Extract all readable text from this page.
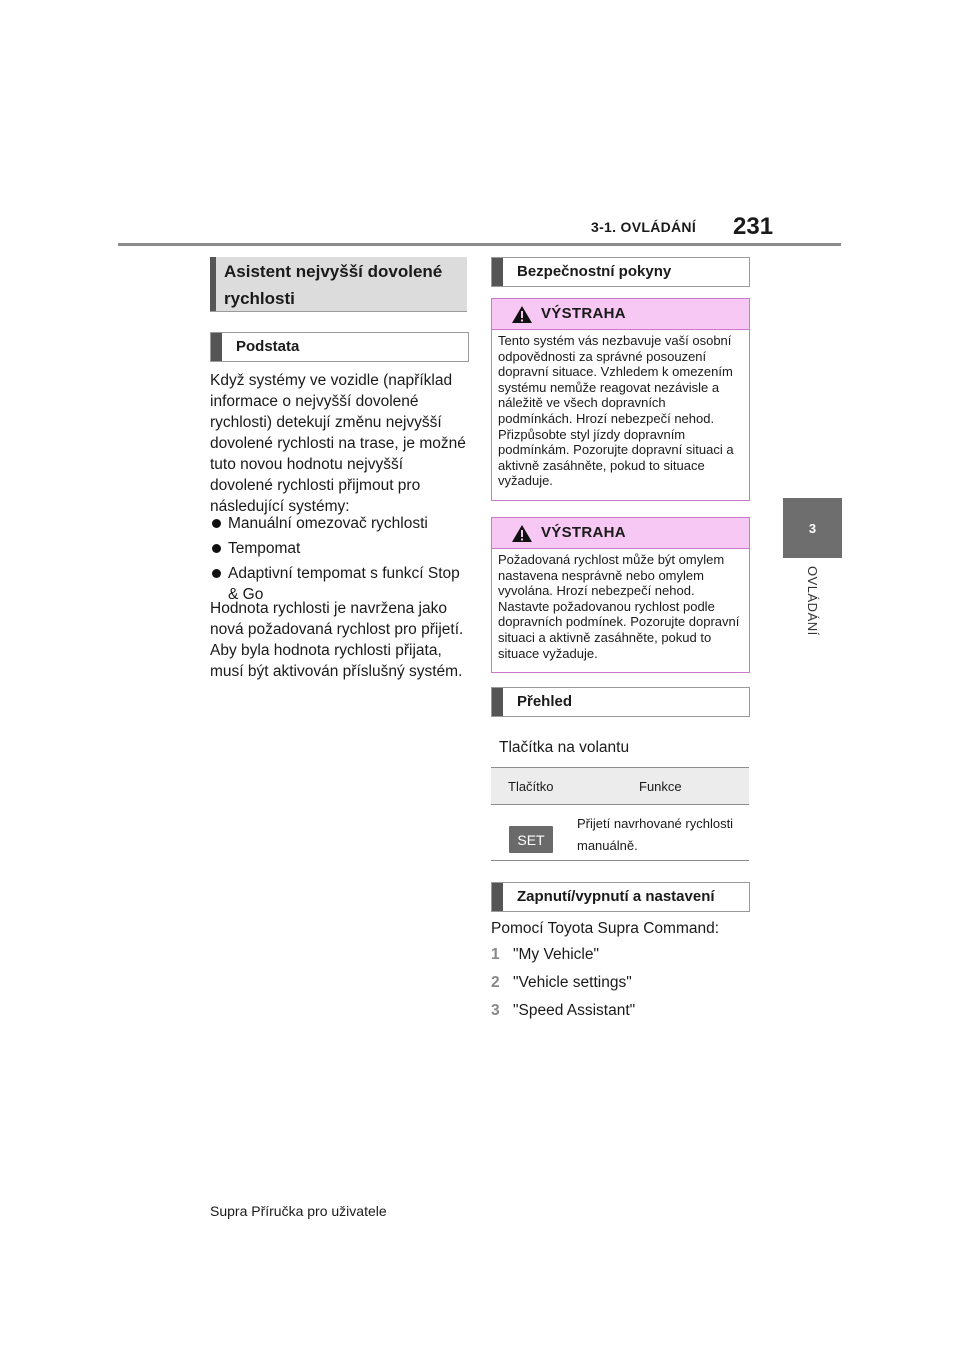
3-1. OVLÁDÁNÍ 231
3
OVLÁDÁNÍ
Asistent nejvyšší dovolené rychlosti
Podstata
Když systémy ve vozidle (například informace o nejvyšší dovolené rychlosti) detekují změnu nejvyšší dovolené rychlosti na trase, je možné tuto novou hodnotu nejvyšší dovolené rychlosti přijmout pro následující systémy:
Manuální omezovač rychlosti
Tempomat
Adaptivní tempomat s funkcí Stop & Go
Hodnota rychlosti je navržena jako nová požadovaná rychlost pro přijetí. Aby byla hodnota rychlosti přijata, musí být aktivován příslušný systém.
Bezpečnostní pokyny
VÝSTRAHA
Tento systém vás nezbavuje vaší osobní odpovědnosti za správné posouzení dopravní situace. Vzhledem k omezením systému nemůže reagovat nezávisle a náležitě ve všech dopravních podmínkách. Hrozí nebezpečí nehod. Přizpůsobte styl jízdy dopravním podmínkám. Pozorujte dopravní situaci a aktivně zasáhněte, pokud to situace vyžaduje.
VÝSTRAHA
Požadovaná rychlost může být omylem nastavena nesprávně nebo omylem vyvolána. Hrozí nebezpečí nehod. Nastavte požadovanou rychlost podle dopravních podmínek. Pozorujte dopravní situaci a aktivně zasáhněte, pokud to situace vyžaduje.
Přehled
Tlačítka na volantu
Tlačítko	Funkce
SET
Přijetí navrhované rychlosti manuálně.
Zapnutí/vypnutí a nastavení
Pomocí Toyota Supra Command:
1 "My Vehicle"
2 "Vehicle settings"
3 "Speed Assistant"
Supra Příručka pro uživatele
